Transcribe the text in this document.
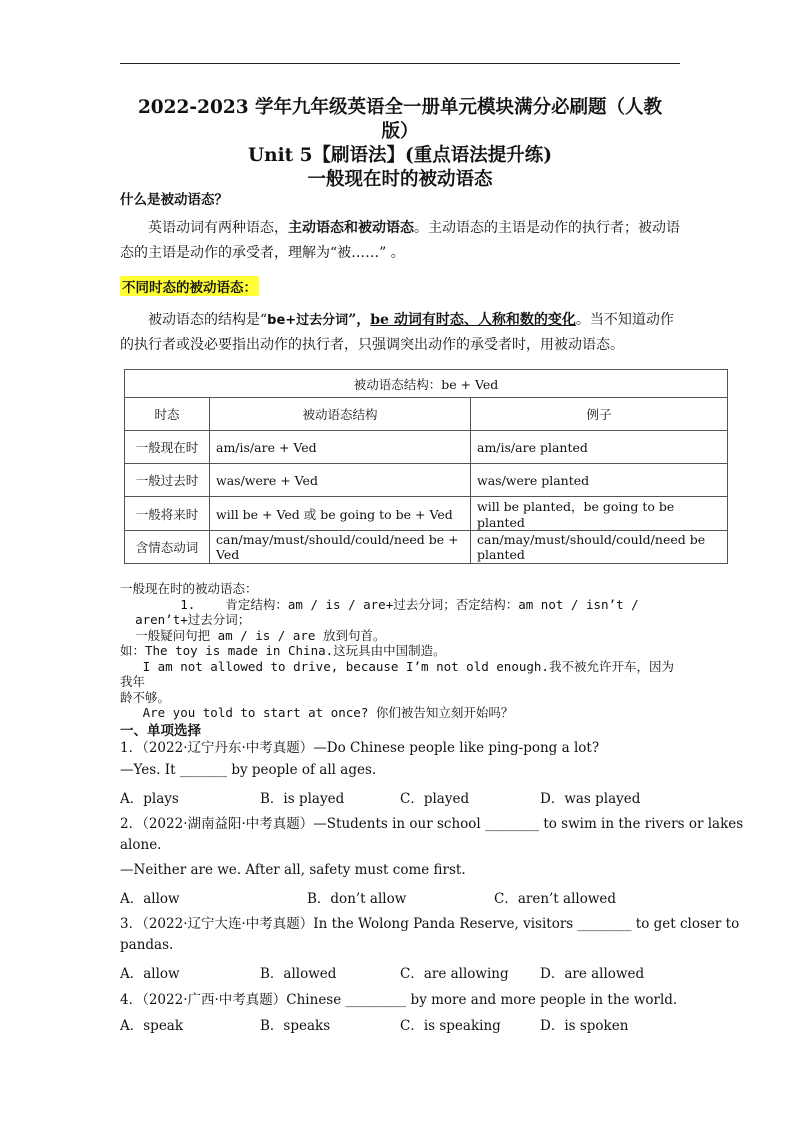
2022-2023 学年九年级英语全一册单元模块满分必刷题（人教
版）
Unit 5【刷语法】(重点语法提升练)
一般现在时的被动语态
什么是被动语态？
英语动词有两种语态，主动语态和被动语态。主动语态的主语是动作的执行者；被动语态的主语是动作的承受者，理解为“被……” 。
不同时态的被动语态：
被动语态的结构是“be+过去分词”，be 动词有时态、人称和数的变化。当不知道动作的执行者或没必要指出动作的执行者，只强调突出动作的承受者时，用被动语态。
被动语态结构：be + Ved		
时态	被动语态结构	例子
一般现在时	am/is/are + Ved	am/is/are planted
一般过去时	was/were + Ved	was/were planted
一般将来时	will be + Ved 或 be going to be + Ved	will be planted，be going to be planted
含情态动词	can/may/must/should/could/need be + Ved	can/may/must/should/could/need be planted
一般现在时的被动语态：
1.    肯定结构：am / is / are+过去分词；否定结构：am not / isn’t /
aren’t+过去分词；
一般疑问句把 am / is / are 放到句首。
如：The toy is made in China.这玩具由中国制造。
I am not allowed to drive, because I’m not old enough.我不被允许开车，因为我年
龄不够。
Are you told to start at once? 你们被告知立刻开始吗？
一、单项选择
1．（2022·辽宁丹东·中考真题）—Do Chinese people like ping-pong a lot?
—Yes. It _______ by people of all ages.
A．plays	B．is played	C．played	D．was played
2．（2022·湖南益阳·中考真题）—Students in our school ________ to swim in the rivers or lakes
alone.
—Neither are we. After all, safety must come first.
A．allow	B．don’t allow	C．aren’t allowed
3．（2022·辽宁大连·中考真题）In the Wolong Panda Reserve, visitors ________ to get closer to
pandas.
A．allow	B．allowed	C．are allowing D．are allowed
4．（2022·广西·中考真题）Chinese _________ by more and more people in the world.
A．speak	B．speaks	C．is speaking	D．is spoken
